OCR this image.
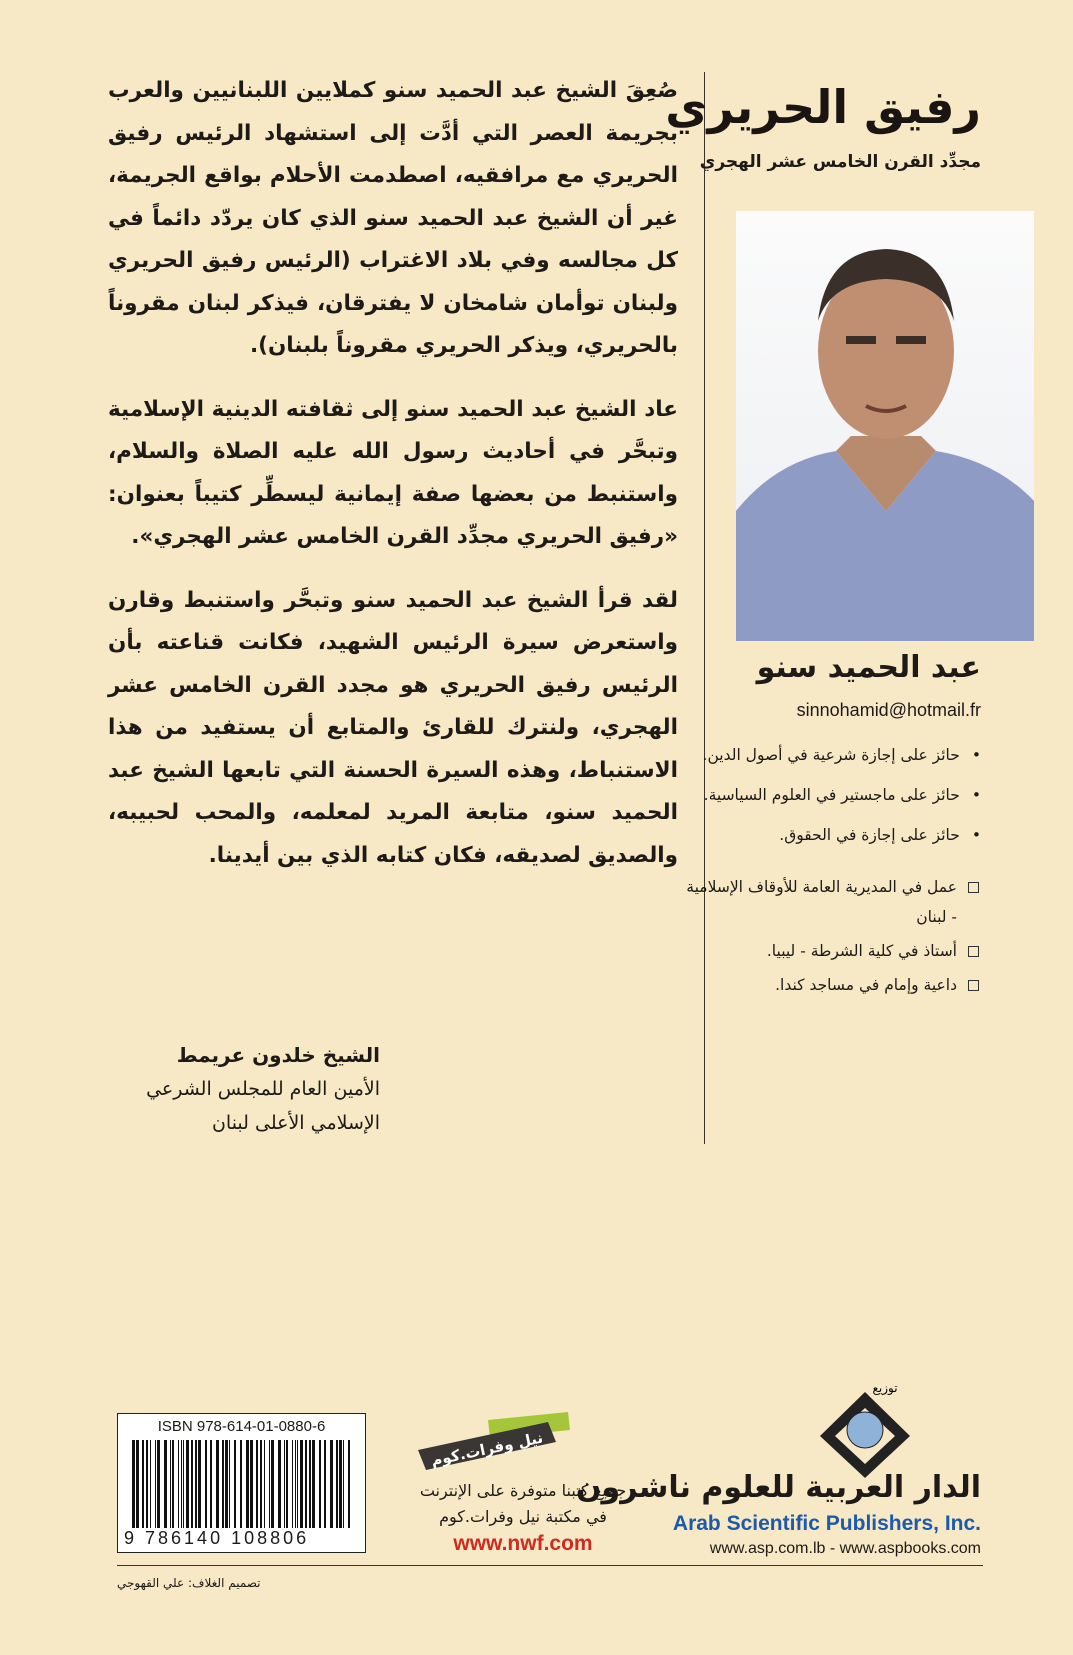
صُعِقَ الشيخ عبد الحميد سنو كملايين اللبنانيين والعرب بجريمة العصر التي أدَّت إلى استشهاد الرئيس رفيق الحريري مع مرافقيه، اصطدمت الأحلام بواقع الجريمة، غير أن الشيخ عبد الحميد سنو الذي كان يردّد دائماً في كل مجالسه وفي بلاد الاغتراب (الرئيس رفيق الحريري ولبنان توأمان شامخان لا يفترقان، فيذكر لبنان مقروناً بالحريري، ويذكر الحريري مقروناً بلبنان).

عاد الشيخ عبد الحميد سنو إلى ثقافته الدينية الإسلامية وتبحَّر في أحاديث رسول الله عليه الصلاة والسلام، واستنبط من بعضها صفة إيمانية ليسطِّر كتيباً بعنوان: «رفيق الحريري مجدِّد القرن الخامس عشر الهجري».

لقد قرأ الشيخ عبد الحميد سنو وتبحَّر واستنبط وقارن واستعرض سيرة الرئيس الشهيد، فكانت قناعته بأن الرئيس رفيق الحريري هو مجدد القرن الخامس عشر الهجري، ولنترك للقارئ والمتابع أن يستفيد من هذا الاستنباط، وهذه السيرة الحسنة التي تابعها الشيخ عبد الحميد سنو، متابعة المريد لمعلمه، والمحب لحبيبه، والصديق لصديقه، فكان كتابه الذي بين أيدينا.

الشيخ خلدون عريمط
الأمين العام للمجلس الشرعي
الإسلامي الأعلى لبنان
رفيق الحريري
مجدِّد القرن الخامس عشر الهجري
عبد الحميد سنو
sinnohamid@hotmail.fr
• حائز على إجازة شرعية في أصول الدين.
• حائز على ماجستير في العلوم السياسية.
• حائز على إجازة في الحقوق.
عمل في المديرية العامة للأوقاف الإسلامية - لبنان
أستاذ في كلية الشرطة - ليبيا.
داعية وإمام في مساجد كندا.
ISBN 978-614-01-0880-6
9 786140 108806
نيل وفرات.كوم
جميع كتبنا متوفرة على الإنترنت
في مكتبة نيل وفرات.كوم
www.nwf.com
توزيع
الدار العربية للعلوم ناشرون
Arab Scientific Publishers, Inc.
www.asp.com.lb - www.aspbooks.com
تصميم الغلاف: علي القهوجي
